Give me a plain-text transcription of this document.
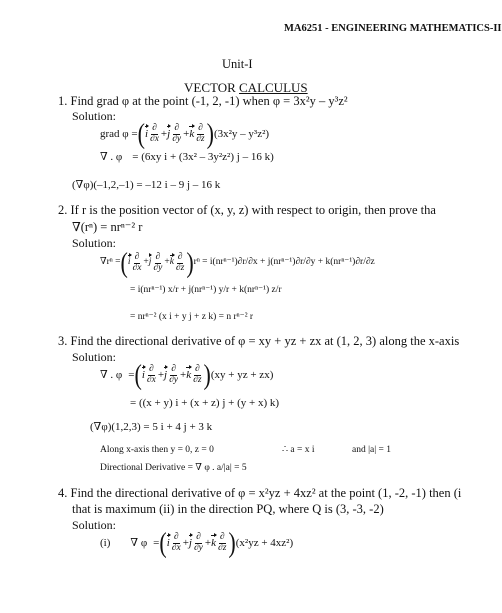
MA6251 - ENGINEERING MATHEMATICS-II
Unit-I
VECTOR CALCULUS
1. Find grad φ at the point (-1, 2, -1) when φ = 3x²y – y³z²
Solution:
grad φ = ( i $\frac{\partial}{\partial x} + j \frac{\partial}{\partial y} + k \frac{\partial}{\partial z}$ ) (3x²y – y³z²)
∇ . φ = (6xy i + (3x² – 3y²z²) j – 16 k)
(∇φ)(–1,2,–1) = –12 i – 9 j – 16 k
2. If r is the position vector of (x, y, z) with respect to origin, then prove tha
∇(rⁿ) = nrⁿ⁻² r
Solution:
∇rⁿ = ( i $\frac{\partial}{\partial x} + j \frac{\partial}{\partial y} + k \frac{\partial}{\partial z}$ ) rⁿ = i(nrⁿ⁻¹)∂r/∂x + j(nrⁿ⁻¹)∂r/∂y + k(nrⁿ⁻¹)∂r/∂z
= i(nrⁿ⁻¹) x/r + j(nrⁿ⁻¹) y/r + k(nrⁿ⁻¹) z/r
= nrⁿ⁻² (x i + y j + z k) = n rⁿ⁻² r
3. Find the directional derivative of φ = xy + yz + zx at (1, 2, 3) along the x-axis
Solution:
∇ . φ = ( i $\frac{\partial}{\partial x} + j \frac{\partial}{\partial y} + k \frac{\partial}{\partial z}$ ) (xy + yz + zx)
= ((x + y) i + (x + z) j + (y + x) k)
(∇φ)(1,2,3) = 5 i + 4 j + 3 k
Along x-axis then y = 0, z = 0	∴ a = x i	and |a| = 1
Directional Derivative = ∇ φ . a/|a| = 5
4. Find the directional derivative of φ = x²yz + 4xz² at the point (1, -2, -1) then (i
that is maximum (ii) in the direction PQ, where Q is (3, -3, -2)
Solution:
(i) ∇ φ = ( i $\frac{\partial}{\partial x} + j \frac{\partial}{\partial y} + k \frac{\partial}{\partial z}$ ) (x²yz + 4xz²)
